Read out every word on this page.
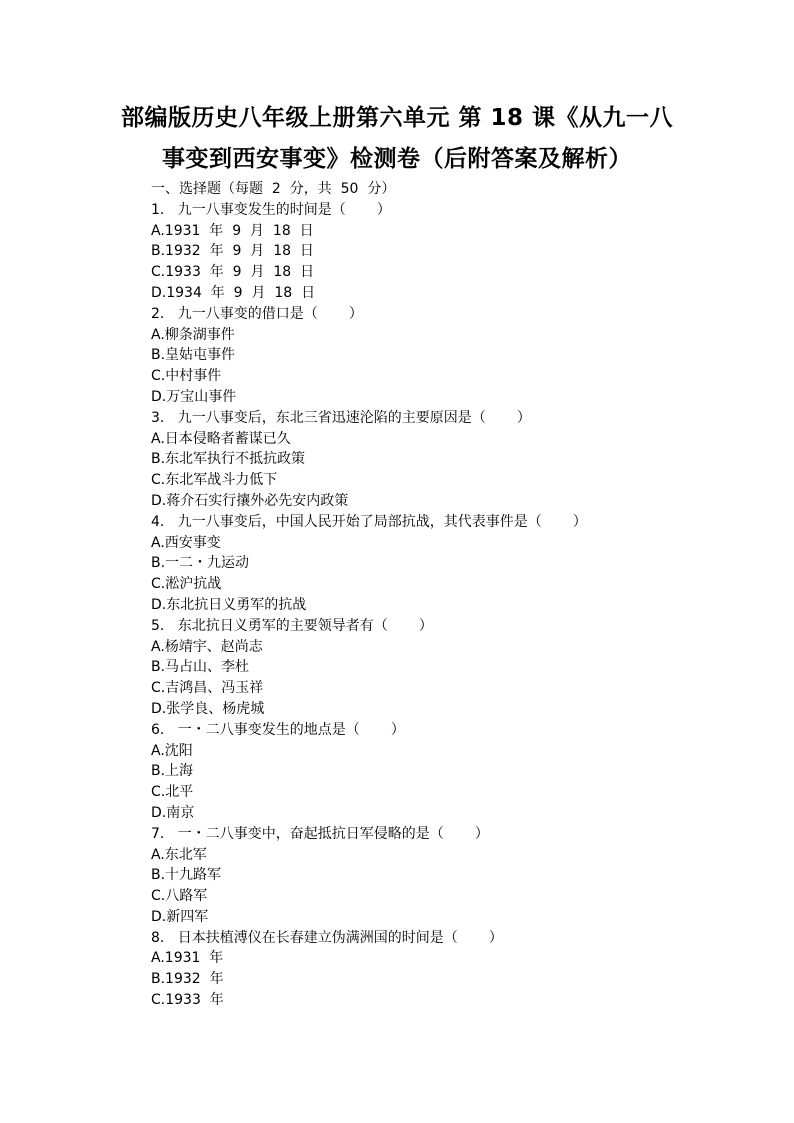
部编版历史八年级上册第六单元 第 18 课《从九一八
事变到西安事变》检测卷（后附答案及解析）
一、选择题（每题  2  分，共  50  分）
1.   九一八事变发生的时间是（       ）
A.1931  年  9  月  18  日
B.1932  年  9  月  18  日
C.1933  年  9  月  18  日
D.1934  年  9  月  18  日
2.   九一八事变的借口是（       ）
A.柳条湖事件
B.皇姑屯事件
C.中村事件
D.万宝山事件
3.   九一八事变后，东北三省迅速沦陷的主要原因是（       ）
A.日本侵略者蓄谋已久
B.东北军执行不抵抗政策
C.东北军战斗力低下
D.蒋介石实行攘外必先安内政策
4.   九一八事变后，中国人民开始了局部抗战，其代表事件是（       ）
A.西安事变
B.一二・九运动
C.淞沪抗战
D.东北抗日义勇军的抗战
5.   东北抗日义勇军的主要领导者有（       ）
A.杨靖宇、赵尚志
B.马占山、李杜
C.吉鸿昌、冯玉祥
D.张学良、杨虎城
6.   一・二八事变发生的地点是（       ）
A.沈阳
B.上海
C.北平
D.南京
7.   一・二八事变中，奋起抵抗日军侵略的是（       ）
A.东北军
B.十九路军
C.八路军
D.新四军
8.   日本扶植溥仪在长春建立伪满洲国的时间是（       ）
A.1931  年
B.1932  年
C.1933  年
